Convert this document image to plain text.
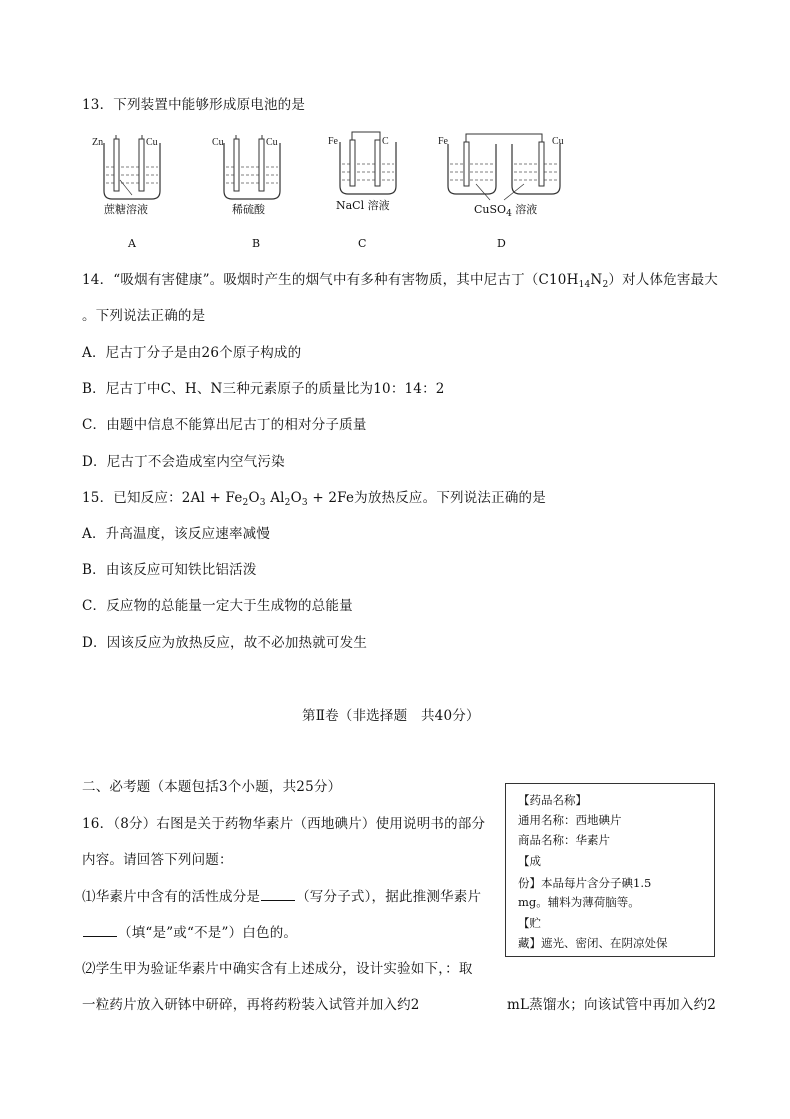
13．下列装置中能够形成原电池的是
Zn	Cu
蔗糖溶液
A
Cu	Cu
稀硫酸
B
Fe	C
NaCl 溶液
C
Fe	Cu
CuSO$_4$ 溶液
D
14．“吸烟有害健康”。吸烟时产生的烟气中有多种有害物质，其中尼古丁$(C10H_{14}N_2)$对人体危害最大
。下列说法正确的是
A．尼古丁分子是由26个原子构成的
B．尼古丁中C、H、N三种元素原子的质量比为10：14：2
C．由题中信息不能算出尼古丁的相对分子质量
D．尼古丁不会造成室内空气污染
15．已知反应：$2Al + Fe_2O_3$ $Al_2O_3 + 2Fe$为放热反应。下列说法正确的是
A．升高温度，该反应速率减慢
B．由该反应可知铁比铝活泼
C．反应物的总能量一定大于生成物的总能量
D．因该反应为放热反应，故不必加热就可发生
第Ⅱ卷（非选择题　共40分）
二、必考题（本题包括3个小题，共25分）
16．（8分）右图是关于药物华素片（西地碘片）使用说明书的部分
内容。请回答下列问题：
⑴华素片中含有的活性成分是	（写分子式），据此推测华素片
（填“是”或“不是”）白色的。
⑵学生甲为验证华素片中确实含有上述成分，设计实验如下，：取
一粒药片放入研钵中研碎，再将药粉装入试管并加入约2	mL蒸馏水；向该试管中再加入约2
【药品名称】
通用名称：西地碘片
商品名称：华素片
【成
份】本品每片含分子碘1.5
mg。辅料为薄荷脑等。
【贮
藏】遮光、密闭、在阴凉处保
